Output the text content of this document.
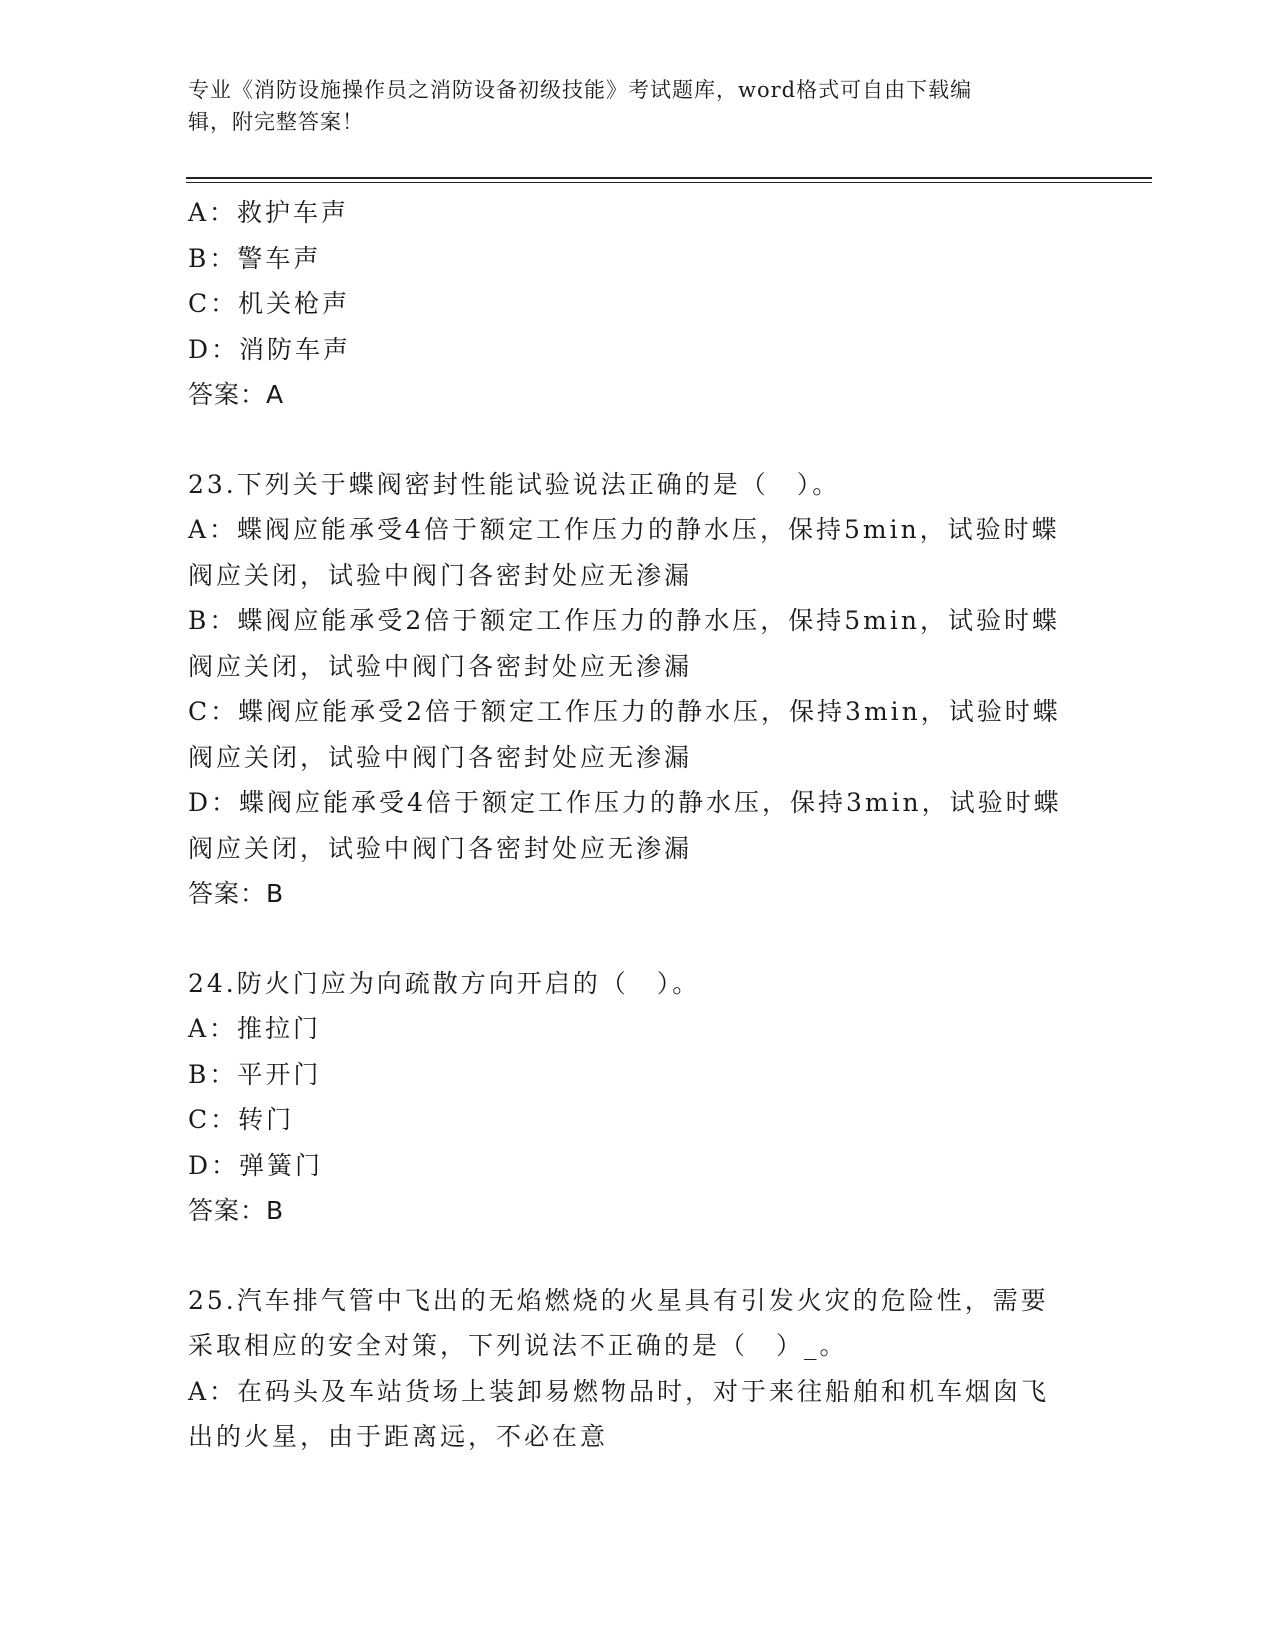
专业《消防设施操作员之消防设备初级技能》考试题库，word格式可自由下载编
辑，附完整答案！
A：救护车声
B：警车声
C：机关枪声
D：消防车声
答案：A
23.下列关于蝶阀密封性能试验说法正确的是（　）。
A：蝶阀应能承受4倍于额定工作压力的静水压，保持5min，试验时蝶
阀应关闭，试验中阀门各密封处应无渗漏
B：蝶阀应能承受2倍于额定工作压力的静水压，保持5min，试验时蝶
阀应关闭，试验中阀门各密封处应无渗漏
C：蝶阀应能承受2倍于额定工作压力的静水压，保持3min，试验时蝶
阀应关闭，试验中阀门各密封处应无渗漏
D：蝶阀应能承受4倍于额定工作压力的静水压，保持3min，试验时蝶
阀应关闭，试验中阀门各密封处应无渗漏
答案：B
24.防火门应为向疏散方向开启的（　）。
A：推拉门
B：平开门
C：转门
D：弹簧门
答案：B
25.汽车排气管中飞出的无焰燃烧的火星具有引发火灾的危险性，需要
采取相应的安全对策，下列说法不正确的是（　）_。
A：在码头及车站货场上装卸易燃物品时，对于来往船舶和机车烟囱飞
出的火星，由于距离远，不必在意
